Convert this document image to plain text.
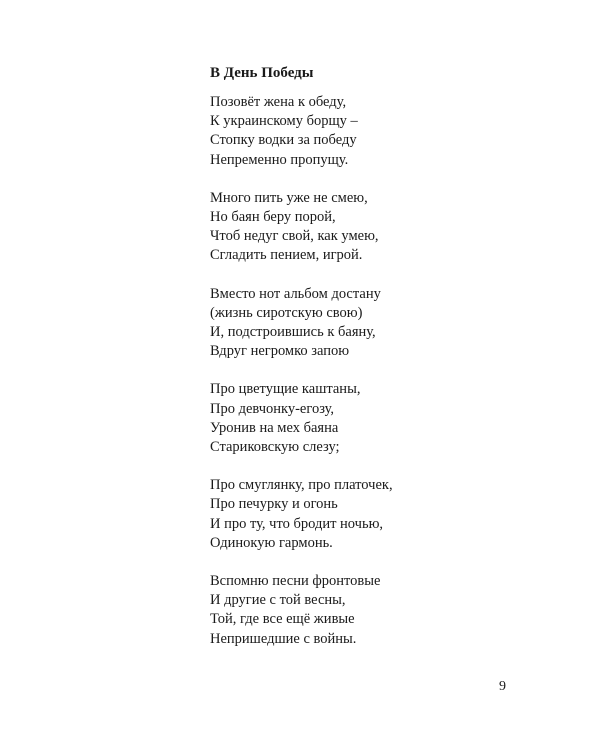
В День Победы
Позовёт жена к обеду,
К украинскому борщу –
Стопку водки за победу
Непременно пропущу.
Много пить уже не смею,
Но баян беру порой,
Чтоб недуг свой, как умею,
Сгладить пением, игрой.
Вместо нот альбом достану
(жизнь сиротскую свою)
И, подстроившись к баяну,
Вдруг негромко запою
Про цветущие каштаны,
Про девчонку-егозу,
Уронив на мех баяна
Стариковскую слезу;
Про смуглянку, про платочек,
Про печурку и огонь
И про ту, что бродит ночью,
Одинокую гармонь.
Вспомню песни фронтовые
И другие с той весны,
Той, где все ещё живые
Непришедшие с войны.
9
